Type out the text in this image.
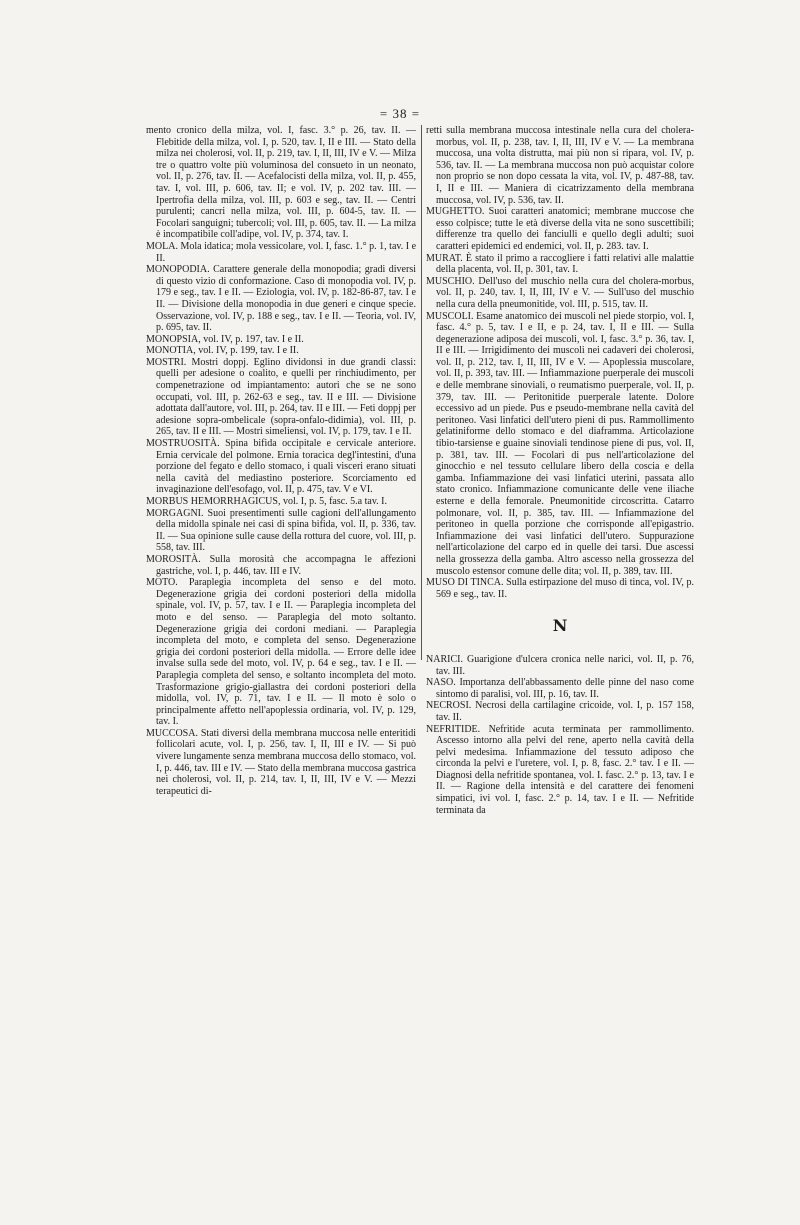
= 38 =

mento cronico della milza, vol. I, fasc. 3.° p. 26, tav. II. — Flebitide della milza, vol. I, p. 520, tav. I, II e III. — Stato della milza nei cholerosi, vol. II, p. 219, tav. I, II, III, IV e V. — Milza tre o quattro volte più voluminosa del consueto in un neonato, vol. II, p. 276, tav. II. — Acefalocisti della milza, vol. II, p. 455, tav. I, vol. III, p. 606, tav. II; e vol. IV, p. 202 tav. III. — Ipertrofia della milza, vol. III, p. 603 e seg., tav. II. — Centri purulenti; cancri nella milza, vol. III, p. 604-5, tav. II. — Focolari sanguigni; tubercoli; vol. III, p. 605, tav. II. — La milza è incompatibile coll'adipe, vol. IV, p. 374, tav. I.

MOLA. Mola idatica; mola vessicolare, vol. I, fasc. 1.° p. 1, tav. I e II.

MONOPODIA. Carattere generale della monopodia; gradi diversi di questo vizio di conformazione. Caso di monopodia vol. IV, p. 179 e seg., tav. I e II. — Eziologia, vol. IV, p. 182-86-87, tav. I e II. — Divisione della monopodia in due generi e cinque specie. Osservazione, vol. IV, p. 188 e seg., tav. I e II. — Teoria, vol. IV, p. 695, tav. II.

MONOPSIA, vol. IV, p. 197, tav. I e II.

MONOTIA, vol. IV, p. 199, tav. I e II.

MOSTRI. Mostri doppj. Eglino dividonsi in due grandi classi: quelli per adesione o coalito, e quelli per rinchiudimento, per compenetrazione od impiantamento: autori che se ne sono occupati, vol. III, p. 262-63 e seg., tav. II e III. — Divisione adottata dall'autore, vol. III, p. 264, tav. II e III. — Feti doppj per adesione sopra-ombelicale (sopra-onfalo-didimia), vol. III, p. 265, tav. II e III. — Mostri simeliensi, vol. IV, p. 179, tav. I e II.

MOSTRUOSITÀ. Spina bifida occipitale e cervicale anteriore. Ernia cervicale del polmone. Ernia toracica degl'intestini, d'una porzione del fegato e dello stomaco, i quali visceri erano situati nella cavità del mediastino posteriore. Scorciamento ed invaginazione dell'esofago, vol. II, p. 475, tav. V e VI.

MORBUS HEMORRHAGICUS, vol. I, p. 5, fasc. 5.a tav. I.

MORGAGNI. Suoi presentimenti sulle cagioni dell'allungamento della midolla spinale nei casi di spina bifida, vol. II, p. 336, tav. II. — Sua opinione sulle cause della rottura del cuore, vol. III, p. 558, tav. III.

MOROSITÀ. Sulla morosità che accompagna le affezioni gastriche, vol. I, p. 446, tav. III e IV.

MOTO. Paraplegia incompleta del senso e del moto. Degenerazione grigia dei cordoni posteriori della midolla spinale, vol. IV, p. 57, tav. I e II. — Paraplegia incompleta del moto e del senso. — Paraplegia del moto soltanto. Degenerazione grigia dei cordoni mediani. — Paraplegia incompleta del moto, e completa del senso. Degenerazione grigia dei cordoni posteriori della midolla. — Errore delle idee invalse sulla sede del moto, vol. IV, p. 64 e seg., tav. I e II. — Paraplegia completa del senso, e soltanto incompleta del moto. Trasformazione grigio-giallastra dei cordoni posteriori della midolla, vol. IV, p. 71, tav. I e II. — Il moto è solo o principalmente affetto nell'apoplessia ordinaria, vol. IV, p. 129, tav. I.

MUCCOSA. Stati diversi della membrana muccosa nelle enteritidi follicolari acute, vol. I, p. 256, tav. I, II, III e IV. — Si può vivere lungamente senza membrana muccosa dello stomaco, vol. I, p. 446, tav. III e IV. — Stato della membrana muccosa gastrica nei cholerosi, vol. II, p. 214, tav. I, II, III, IV e V. — Mezzi terapeutici di-

retti sulla membrana muccosa intestinale nella cura del cholera-morbus, vol. II, p. 238, tav. I, II, III, IV e V. — La membrana muccosa, una volta distrutta, mai più non si ripara, vol. IV, p. 536, tav. II. — La membrana muccosa non può acquistar colore non proprio se non dopo cessata la vita, vol. IV, p. 487-88, tav. I, II e III. — Maniera di cicatrizzamento della membrana muccosa, vol. IV, p. 536, tav. II.

MUGHETTO. Suoi caratteri anatomici; membrane muccose che esso colpisce; tutte le età diverse della vita ne sono suscettibili; differenze tra quello dei fanciulli e quello degli adulti; suoi caratteri epidemici ed endemici, vol. II, p. 283. tav. I.

MURAT. È stato il primo a raccogliere i fatti relativi alle malattie della placenta, vol. II, p. 301, tav. I.

MUSCHIO. Dell'uso del muschio nella cura del cholera-morbus, vol. II, p. 240, tav. I, II, III, IV e V. — Sull'uso del muschio nella cura della pneumonitide, vol. III, p. 515, tav. II.

MUSCOLI. Esame anatomico dei muscoli nel piede storpio, vol. I, fasc. 4.° p. 5, tav. I e II, e p. 24, tav. I, II e III. — Sulla degenerazione adiposa dei muscoli, vol. I, fasc. 3.° p. 36, tav. I, II e III. — Irrigidimento dei muscoli nei cadaveri dei cholerosi, vol. II, p. 212, tav. I, II, III, IV e V. — Apoplessia muscolare, vol. II, p. 393, tav. III. — Infiammazione puerperale dei muscoli e delle membrane sinoviali, o reumatismo puerperale, vol. II, p. 379, tav. III. — Peritonitide puerperale latente. Dolore eccessivo ad un piede. Pus e pseudo-membrane nella cavità del peritoneo. Vasi linfatici dell'utero pieni di pus. Rammollimento gelatiniforme dello stomaco e del diaframma. Articolazione tibio-tarsiense e guaine sinoviali tendinose piene di pus, vol. II, p. 381, tav. III. — Focolari di pus nell'articolazione del ginocchio e nel tessuto cellulare libero della coscia e della gamba. Infiammazione dei vasi linfatici uterini, passata allo stato cronico. Infiammazione comunicante delle vene iliache esterne e della femorale. Pneumonitide circoscritta. Catarro polmonare, vol. II, p. 385, tav. III. — Infiammazione del peritoneo in quella porzione che corrisponde all'epigastrio. Infiammazione dei vasi linfatici dell'utero. Suppurazione nell'articolazione del carpo ed in quelle dei tarsi. Due ascessi nella grossezza della gamba. Altro ascesso nella grossezza del muscolo estensor comune delle dita; vol. II, p. 389, tav. III.

MUSO DI TINCA. Sulla estirpazione del muso di tinca, vol. IV, p. 569 e seg., tav. II.

N

NARICI. Guarigione d'ulcera cronica nelle narici, vol. II, p. 76, tav. III.

NASO. Importanza dell'abbassamento delle pinne del naso come sintomo di paralisi, vol. III, p. 16, tav. II.

NECROSI. Necrosi della cartilagine cricoide, vol. I, p. 157 158, tav. II.

NEFRITIDE. Nefritide acuta terminata per rammollimento. Ascesso intorno alla pelvi del rene, aperto nella cavità della pelvi medesima. Infiammazione del tessuto adiposo che circonda la pelvi e l'uretere, vol. I, p. 8, fasc. 2.° tav. I e II. — Diagnosi della nefritide spontanea, vol. I. fasc. 2.° p. 13, tav. I e II. — Ragione della intensità e del carattere dei fenomeni simpatici, ivi vol. I, fasc. 2.° p. 14, tav. I e II. — Nefritide terminata da
